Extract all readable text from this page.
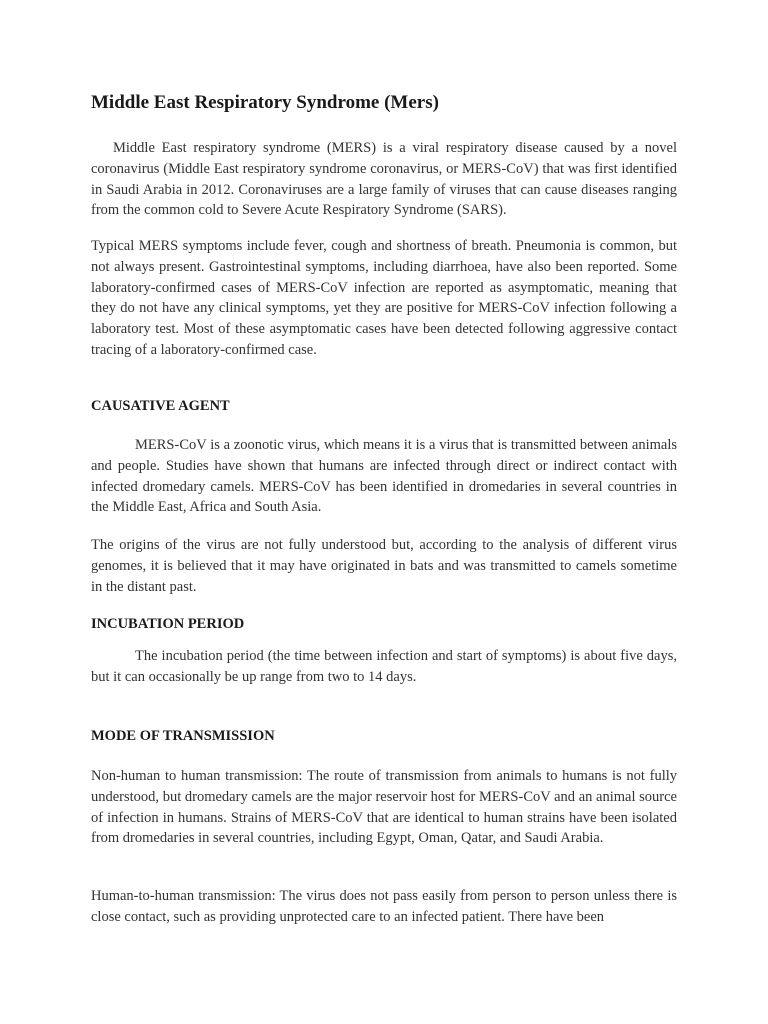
Middle East Respiratory Syndrome (Mers)

Middle East respiratory syndrome (MERS) is a viral respiratory disease caused by a novel coronavirus (Middle East respiratory syndrome coronavirus, or MERS‐CoV) that was first identified in Saudi Arabia in 2012. Coronaviruses are a large family of viruses that can cause diseases ranging from the common cold to Severe Acute Respiratory Syndrome (SARS).

Typical MERS symptoms include fever, cough and shortness of breath. Pneumonia is common, but not always present. Gastrointestinal symptoms, including diarrhoea, have also been reported. Some laboratory-confirmed cases of MERS-CoV infection are reported as asymptomatic, meaning that they do not have any clinical symptoms, yet they are positive for MERS-CoV infection following a laboratory test. Most of these asymptomatic cases have been detected following aggressive contact tracing of a laboratory-confirmed case.

CAUSATIVE AGENT

MERS-CoV is a zoonotic virus, which means it is a virus that is transmitted between animals and people. Studies have shown that humans are infected through direct or indirect contact with infected dromedary camels. MERS-CoV has been identified in dromedaries in several countries in the Middle East, Africa and South Asia.

The origins of the virus are not fully understood but, according to the analysis of different virus genomes, it is believed that it may have originated in bats and was transmitted to camels sometime in the distant past.

INCUBATION PERIOD

The incubation period (the time between infection and start of symptoms) is about five days, but it can occasionally be up range from two to 14 days.

MODE OF TRANSMISSION

Non-human to human transmission: The route of transmission from animals to humans is not fully understood, but dromedary camels are the major reservoir host for MERS-CoV and an animal source of infection in humans. Strains of MERS-CoV that are identical to human strains have been isolated from dromedaries in several countries, including Egypt, Oman, Qatar, and Saudi Arabia.

Human-to-human transmission: The virus does not pass easily from person to person unless there is close contact, such as providing unprotected care to an infected patient. There have been
